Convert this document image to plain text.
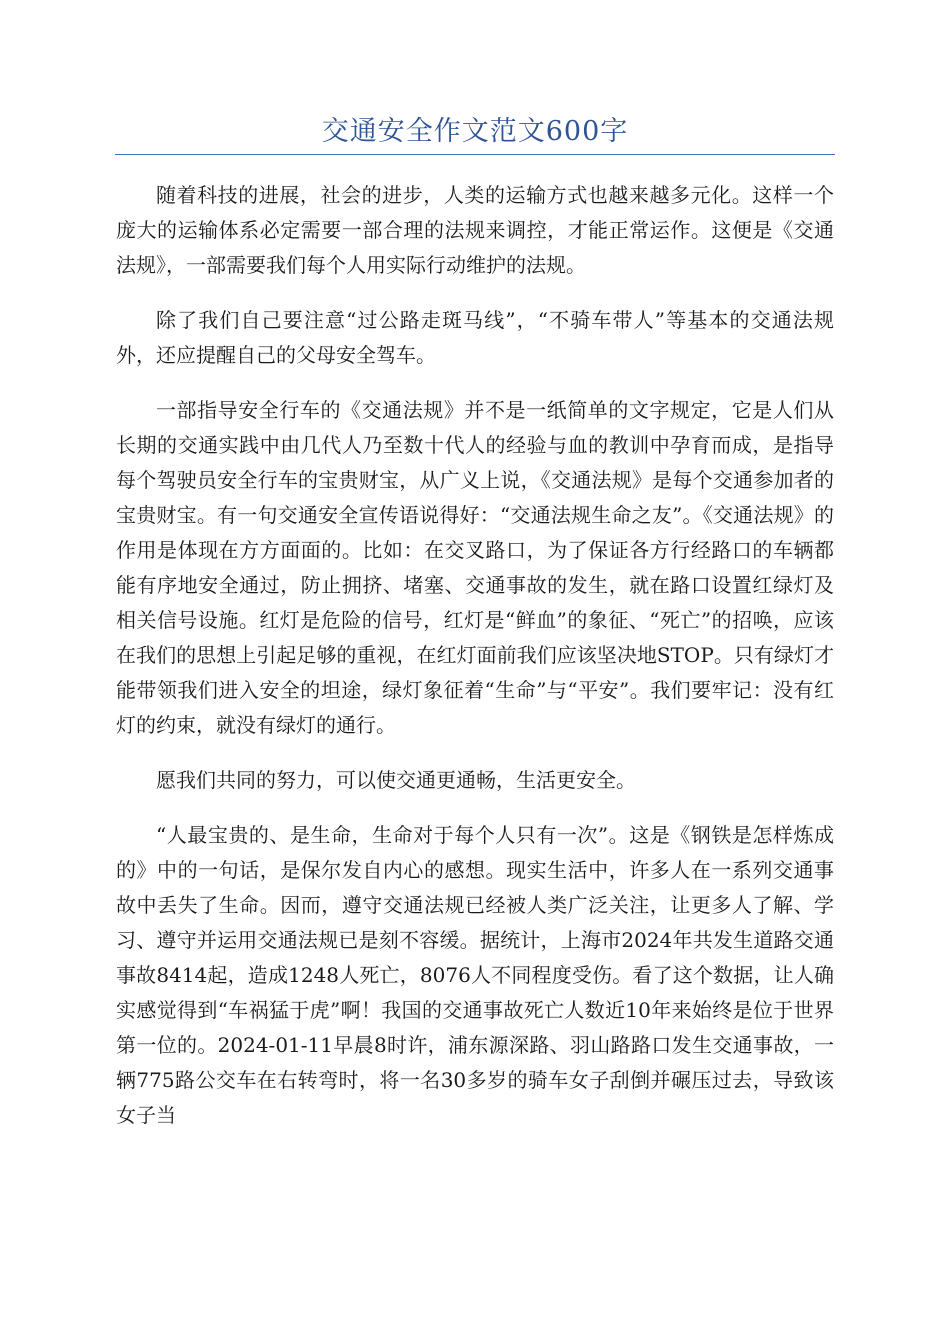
交通安全作文范文600字

随着科技的进展，社会的进步，人类的运输方式也越来越多元化。这样一个庞大的运输体系必定需要一部合理的法规来调控，才能正常运作。这便是《交通法规》，一部需要我们每个人用实际行动维护的法规。

除了我们自己要注意“过公路走斑马线”，“不骑车带人”等基本的交通法规外，还应提醒自己的父母安全驾车。

一部指导安全行车的《交通法规》并不是一纸简单的文字规定，它是人们从长期的交通实践中由几代人乃至数十代人的经验与血的教训中孕育而成，是指导每个驾驶员安全行车的宝贵财宝，从广义上说，《交通法规》是每个交通参加者的宝贵财宝。有一句交通安全宣传语说得好：“交通法规生命之友”。《交通法规》的作用是体现在方方面面的。比如：在交叉路口，为了保证各方行经路口的车辆都能有序地安全通过，防止拥挤、堵塞、交通事故的发生，就在路口设置红绿灯及相关信号设施。红灯是危险的信号，红灯是“鲜血”的象征、“死亡”的招唤，应该在我们的思想上引起足够的重视，在红灯面前我们应该坚决地STOP。只有绿灯才能带领我们进入安全的坦途，绿灯象征着“生命”与“平安”。我们要牢记：没有红灯的约束，就没有绿灯的通行。

愿我们共同的努力，可以使交通更通畅，生活更安全。

“人最宝贵的、是生命，生命对于每个人只有一次”。这是《钢铁是怎样炼成的》中的一句话，是保尔发自内心的感想。现实生活中，许多人在一系列交通事故中丢失了生命。因而，遵守交通法规已经被人类广泛关注，让更多人了解、学习、遵守并运用交通法规已是刻不容缓。据统计，上海市2024年共发生道路交通事故8414起，造成1248人死亡，8076人不同程度受伤。看了这个数据，让人确实感觉得到“车祸猛于虎”啊！我国的交通事故死亡人数近10年来始终是位于世界第一位的。2024-01-11早晨8时许，浦东源深路、羽山路路口发生交通事故，一辆775路公交车在右转弯时，将一名30多岁的骑车女子刮倒并碾压过去，导致该女子当
